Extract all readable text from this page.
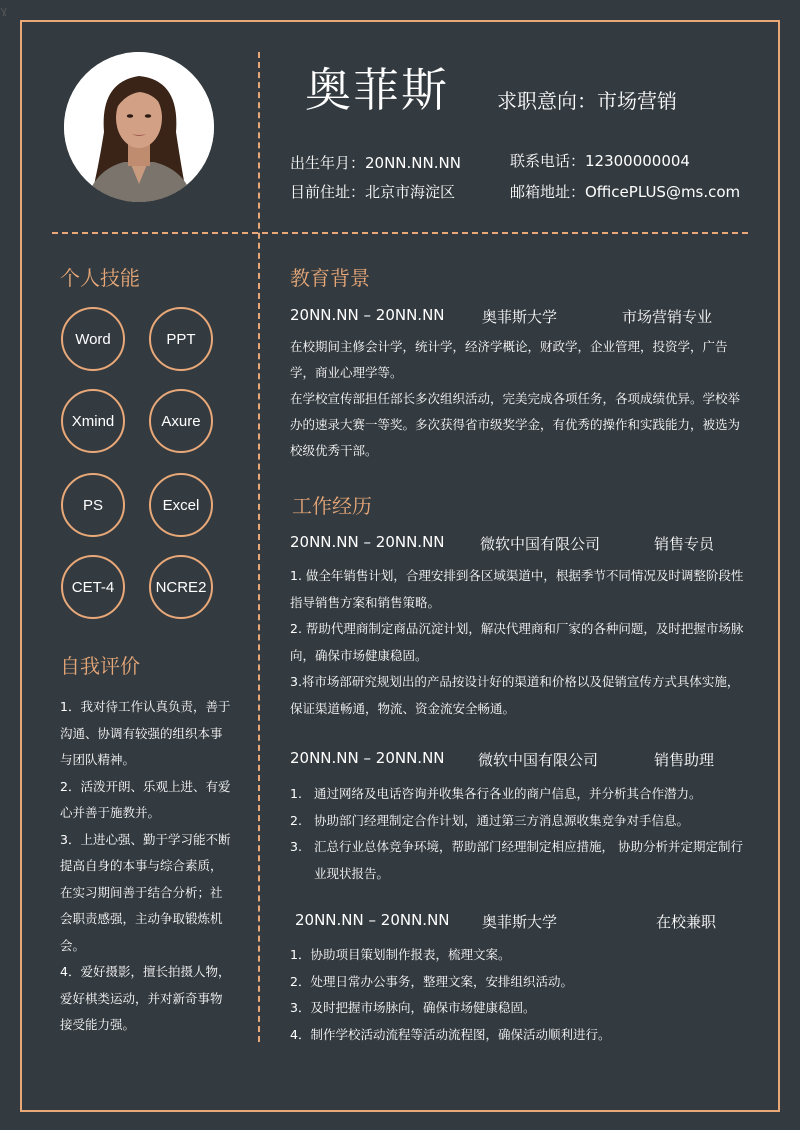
奥菲斯 求职意向：市场营销
出生年月：20NN.NN.NN	联系电话：12300000004
目前住址：北京市海淀区	邮箱地址：OfficePLUS@ms.com
个人技能
Word	PPT
Xmind	Axure
PS	Excel
CET-4	NCRE2
自我评价

1．我对待工作认真负责，善于沟通、协调有较强的组织本事与团队精神。

2．活泼开朗、乐观上进、有爱心并善于施教并。

3．上进心强、勤于学习能不断提高自身的本事与综合素质，在实习期间善于结合分析；社会职责感强，主动争取锻炼机会。

4．爱好摄影，擅长拍摄人物，爱好棋类运动，并对新奇事物接受能力强。

教育背景
20NN.NN – 20NN.NN 奥菲斯大学	市场营销专业

在校期间主修会计学，统计学，经济学概论，财政学，企业管理，投资学，广告学，商业心理学等。

在学校宣传部担任部长多次组织活动，完美完成各项任务，各项成绩优异。学校举办的速录大赛一等奖。多次获得省市级奖学金，有优秀的操作和实践能力，被选为校级优秀干部。

工作经历
20NN.NN – 20NN.NN 微软中国有限公司	销售专员
1. 做全年销售计划，合理安排到各区域渠道中，根据季节不同情况及时调整阶段性指导销售方案和销售策略。
2. 帮助代理商制定商品沉淀计划，解决代理商和厂家的各种问题，及时把握市场脉向，确保市场健康稳固。
3.将市场部研究规划出的产品按设计好的渠道和价格以及促销宣传方式具体实施，保证渠道畅通，物流、资金流安全畅通。
20NN.NN – 20NN.NN 微软中国有限公司	销售助理
1. 通过网络及电话咨询并收集各行各业的商户信息，并分析其合作潜力。
2. 协助部门经理制定合作计划，通过第三方消息源收集竞争对手信息。
3. 汇总行业总体竞争环境，帮助部门经理制定相应措施， 协助分析并定期定制行业现状报告。
20NN.NN – 20NN.NN 奥菲斯大学	在校兼职
1．协助项目策划制作报表，梳理文案。
2．处理日常办公事务，整理文案，安排组织活动。
3．及时把握市场脉向，确保市场健康稳固。
4．制作学校活动流程等活动流程图，确保活动顺利进行。
